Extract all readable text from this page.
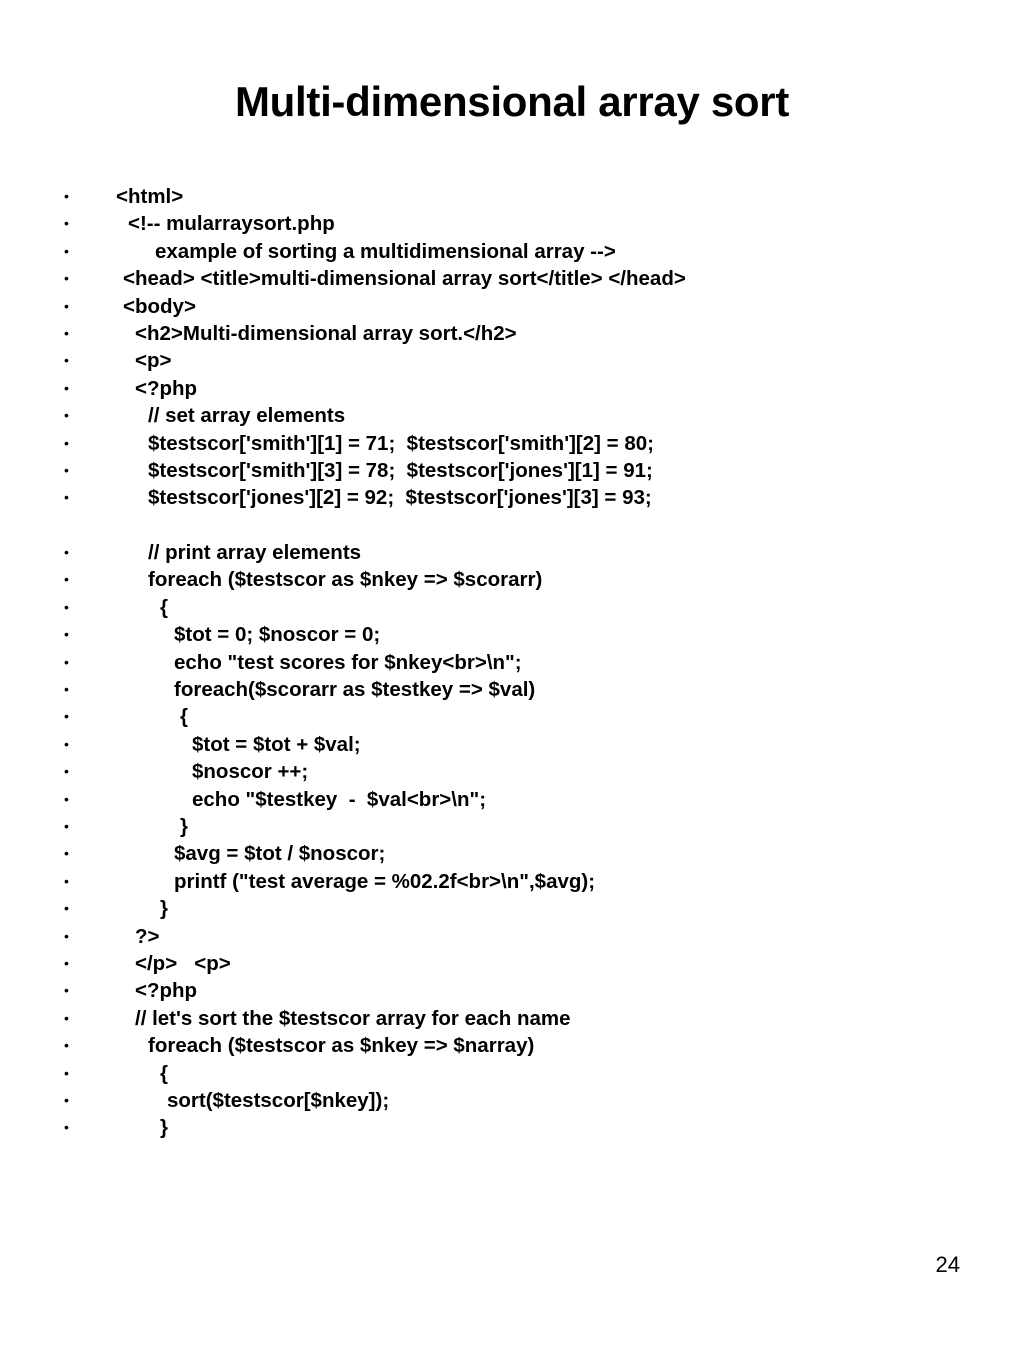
Multi-dimensional array sort
• <html>
•	<!-- mularraysort.php
•	example of sorting a multidimensional array -->
•	<head> <title>multi-dimensional array sort</title> </head>
•	<body>
•	<h2>Multi-dimensional array sort.</h2>
•	<p>
•	<?php
•	// set array elements
•	$testscor['smith'][1] = 71;  $testscor['smith'][2] = 80;
•	$testscor['smith'][3] = 78;  $testscor['jones'][1] = 91;
•	$testscor['jones'][2] = 92;  $testscor['jones'][3] = 93;
•	// print array elements
•	foreach ($testscor as $nkey => $scorarr)
•	{
•	$tot = 0; $noscor = 0;
•	echo "test scores for $nkey<br>\n";
•	foreach($scorarr as $testkey => $val)
•	{
•	$tot = $tot + $val;
•	$noscor ++;
•	echo "$testkey  -  $val<br>\n";
•	}
•	$avg = $tot / $noscor;
•	printf ("test average = %02.2f<br>\n",$avg);
•	}
•	?>
•	</p>   <p>
•	<?php
•	// let's sort the $testscor array for each name
•	foreach ($testscor as $nkey => $narray)
•	{
•	sort($testscor[$nkey]);
•	}
24
